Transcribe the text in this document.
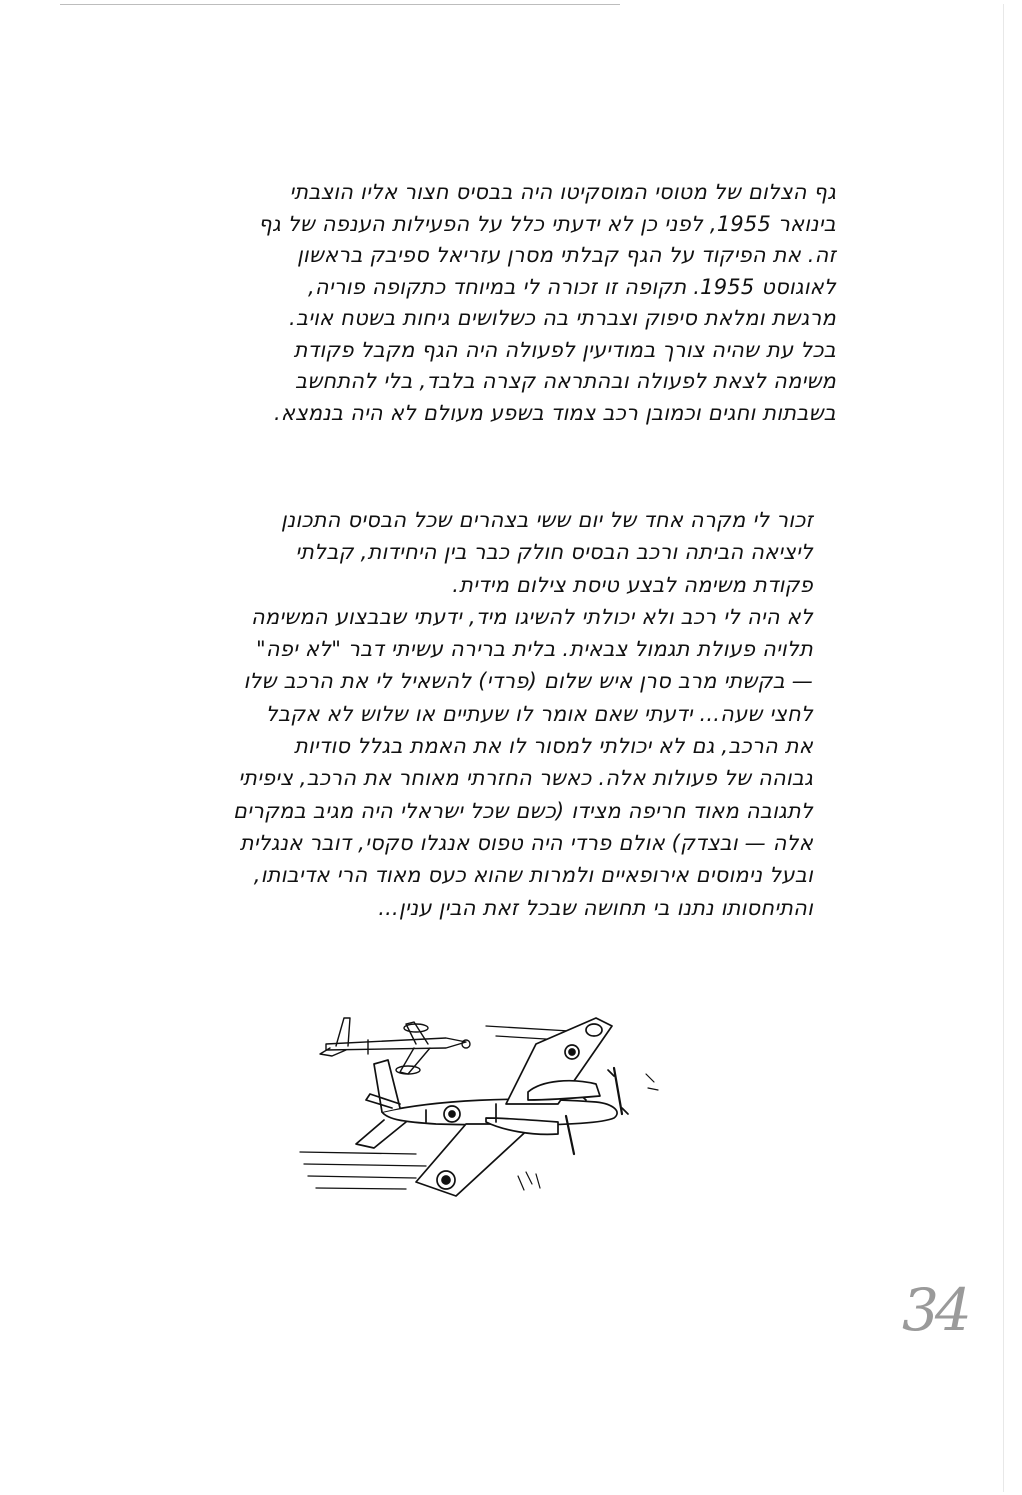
גף הצלום של מטוסי המוסקיטו היה בבסיס חצור אליו הוצבתי
בינואר 1955, לפני כן לא ידעתי כלל על הפעילות הענפה של גף
זה. את הפיקוד על הגף קבלתי מסרן עזריאל ספיבק בראשון
לאוגוסט 1955. תקופה זו זכורה לי במיוחד כתקופה פוריה,
מרגשת ומלאת סיפוק וצברתי בה כשלושים גיחות בשטח אויב.
בכל עת שהיה צורך במודיעין לפעולה היה הגף מקבל פקודת
משימה לצאת לפעולה ובהתראה קצרה בלבד, בלי להתחשב
בשבתות וחגים וכמובן רכב צמוד בשפע מעולם לא היה בנמצא.
זכור לי מקרה אחד של יום ששי בצהרים שכל הבסיס התכונן
ליציאה הביתה ורכב הבסיס חולק כבר בין היחידות, קבלתי
פקודת משימה לבצע טיסת צילום מידית.
לא היה לי רכב ולא יכולתי להשיגו מיד, ידעתי שבבצוע המשימה
תלויה פעולת תגמול צבאית. בלית ברירה עשיתי דבר "לא יפה"
— בקשתי מרב סרן איש שלום (פרדי) להשאיל לי את הרכב שלו
לחצי שעה... ידעתי שאם אומר לו שעתיים או שלוש לא אקבל
את הרכב, גם לא יכולתי למסור לו את האמת בגלל סודיות
גבוהה של פעולות אלה. כאשר החזרתי מאוחר את הרכב, ציפיתי
לתגובה מאוד חריפה מצידו (כשם שכל ישראלי היה מגיב במקרים
אלה — ובצדק) אולם פרדי היה טפוס אנגלו סקסי, דובר אנגלית
ובעל נימוסים אירופאיים ולמרות שהוא כעס מאוד הרי אדיבותו,
והתיחסותו נתנו בי תחושה שבכל זאת הבין ענין...
34
